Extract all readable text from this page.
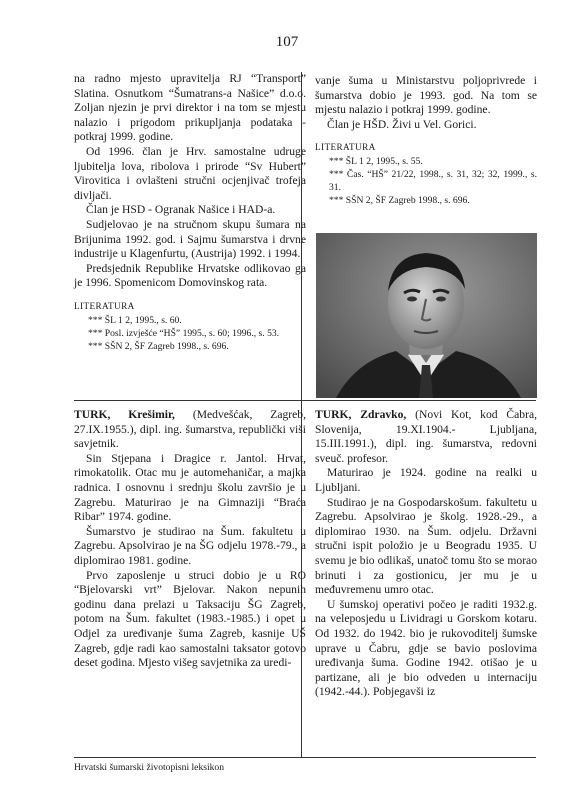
107

na radno mjesto upravitelja RJ “Transport” Slatina. Osnutkom “Šumatrans-a Našice” d.o.o. Zoljan njezin je prvi direktor i na tom se mjestu nalazio i prigodom prikupljanja podataka - potkraj 1999. godine.

Od 1996. član je Hrv. samostalne udruge ljubitelja lova, ribolova i prirode “Sv Hubert” Virovitica i ovlašteni stručni ocjenjivač trofeja divljači.

Član je HSD - Ogranak Našice i HAD-a.

Sudjelovao je na stručnom skupu šumara na Brijunima 1992. god. i Sajmu šumarstva i drvne industrije u Klagenfurtu, (Austrija) 1992. i 1994.

Predsjednik Republike Hrvatske odlikovao ga je 1996. Spomenicom Domovinskog rata.

LITERATURA

*** ŠL 1 2, 1995., s. 60.

*** Posl. izvješće “HŠ” 1995., s. 60; 1996., s. 53.

*** SŠN 2, ŠF Zagreb 1998., s. 696.

vanje šuma u Ministarstvu poljoprivrede i šumarstva dobio je 1993. god. Na tom se mjestu nalazio i potkraj 1999. godine.

Član je HŠD. Živi u Vel. Gorici.

LITERATURA

*** ŠL 1 2, 1995., s. 55.

*** Čas. “HŠ” 21/22, 1998., s. 31, 32; 32, 1999., s. 31.

*** SŠN 2, ŠF Zagreb 1998., s. 696.

TURK, Krešimir, (Medvešćak, Zagreb, 27.IX.1955.), dipl. ing. šumarstva, republički viši savjetnik.

Sin Stjepana i Dragice r. Jantol. Hrvat, rimokatolik. Otac mu je automehaničar, a majka radnica. I osnovnu i srednju školu završio je u Zagrebu. Maturirao je na Gimnaziji “Braća Ribar” 1974. godine.

Šumarstvo je studirao na Šum. fakultetu u Zagrebu. Apsolvirao je na ŠG odjelu 1978.-79., a diplomirao 1981. godine.

Prvo zaposlenje u struci dobio je u RO “Bjelovarski vrt” Bjelovar. Nakon nepunih godinu dana prelazi u Taksaciju ŠG Zagreb, potom na Šum. fakultet (1983.-1985.) i opet u Odjel za uređivanje šuma Zagreb, kasnije UŠ Zagreb, gdje radi kao samostalni taksator gotovo deset godina. Mjesto višeg savjetnika za uredi-

TURK, Zdravko, (Novi Kot, kod Čabra, Slovenija, 19.XI.1904.- Ljubljana, 15.III.1991.), dipl. ing. šumarstva, redovni sveuč. profesor.

Maturirao je 1924. godine na realki u Ljubljani.

Studirao je na Gospodarskošum. fakultetu u Zagrebu. Apsolvirao je školg. 1928.-29., a diplomirao 1930. na Šum. odjelu. Državni stručni ispit položio je u Beogradu 1935. U svemu je bio odlikaš, unatoč tomu što se morao brinuti i za gostionicu, jer mu je u međuvremenu umro otac.

U šumskoj operativi počeo je raditi 1932.g. na veleposjedu u Lividragi u Gorskom kotaru. Od 1932. do 1942. bio je rukovoditelj šumske uprave u Čabru, gdje se bavio poslovima uređivanja šuma. Godine 1942. otišao je u partizane, ali je bio odveden u internaciju (1942.-44.). Pobjegavši iz

Hrvatski šumarski životopisni leksikon
